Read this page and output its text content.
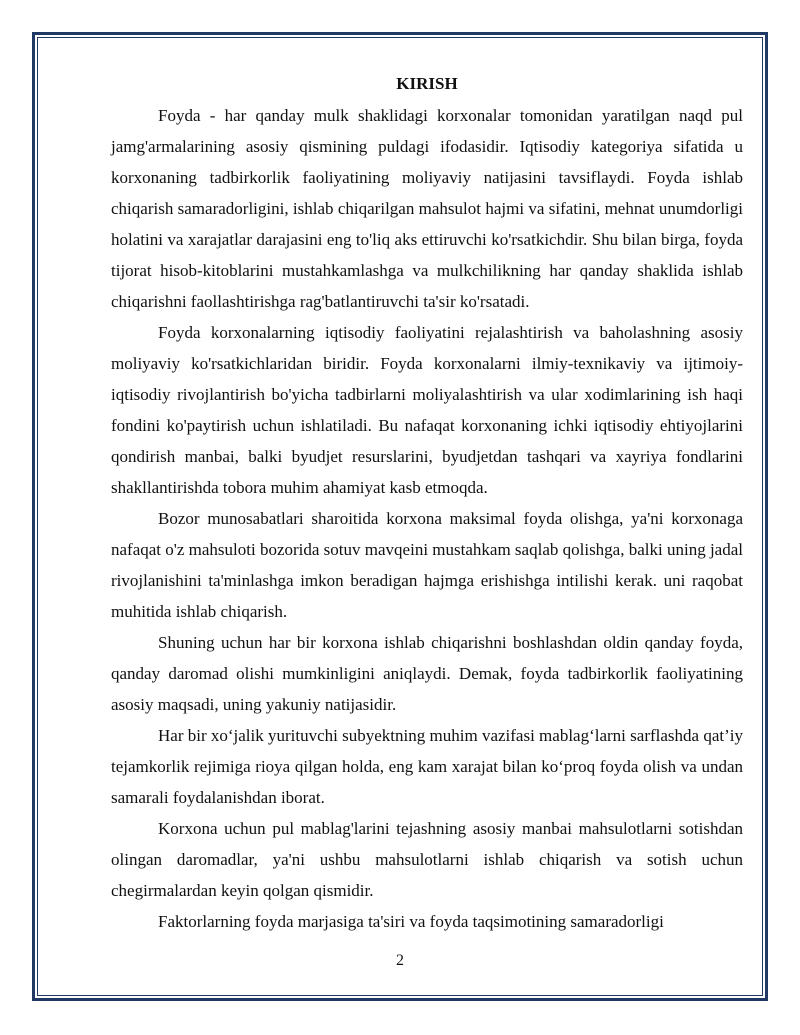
KIRISH

Foyda - har qanday mulk shaklidagi korxonalar tomonidan yaratilgan naqd pul jamg'armalarining asosiy qismining puldagi ifodasidir. Iqtisodiy kategoriya sifatida u korxonaning tadbirkorlik faoliyatining moliyaviy natijasini tavsiflaydi. Foyda ishlab chiqarish samaradorligini, ishlab chiqarilgan mahsulot hajmi va sifatini, mehnat unumdorligi holatini va xarajatlar darajasini eng to'liq aks ettiruvchi ko'rsatkichdir. Shu bilan birga, foyda tijorat hisob-kitoblarini mustahkamlashga va mulkchilikning har qanday shaklida ishlab chiqarishni faollashtirishga rag'batlantiruvchi ta'sir ko'rsatadi.

Foyda korxonalarning iqtisodiy faoliyatini rejalashtirish va baholashning asosiy moliyaviy ko'rsatkichlaridan biridir. Foyda korxonalarni ilmiy-texnikaviy va ijtimoiy-iqtisodiy rivojlantirish bo'yicha tadbirlarni moliyalashtirish va ular xodimlarining ish haqi fondini ko'paytirish uchun ishlatiladi. Bu nafaqat korxonaning ichki iqtisodiy ehtiyojlarini qondirish manbai, balki byudjet resurslarini, byudjetdan tashqari va xayriya fondlarini shakllantirishda tobora muhim ahamiyat kasb etmoqda.

Bozor munosabatlari sharoitida korxona maksimal foyda olishga, ya'ni korxonaga nafaqat o'z mahsuloti bozorida sotuv mavqeini mustahkam saqlab qolishga, balki uning jadal rivojlanishini ta'minlashga imkon beradigan hajmga erishishga intilishi kerak. uni raqobat muhitida ishlab chiqarish.

Shuning uchun har bir korxona ishlab chiqarishni boshlashdan oldin qanday foyda, qanday daromad olishi mumkinligini aniqlaydi. Demak, foyda tadbirkorlik faoliyatining asosiy maqsadi, uning yakuniy natijasidir.

Har bir xo‘jalik yurituvchi subyektning muhim vazifasi mablag‘larni sarflashda qat’iy tejamkorlik rejimiga rioya qilgan holda, eng kam xarajat bilan ko‘proq foyda olish va undan samarali foydalanishdan iborat.

Korxona uchun pul mablag'larini tejashning asosiy manbai mahsulotlarni sotishdan olingan daromadlar, ya'ni ushbu mahsulotlarni ishlab chiqarish va sotish uchun chegirmalardan keyin qolgan qismidir.

Faktorlarning foyda marjasiga ta'siri va foyda taqsimotining samaradorligi

2
